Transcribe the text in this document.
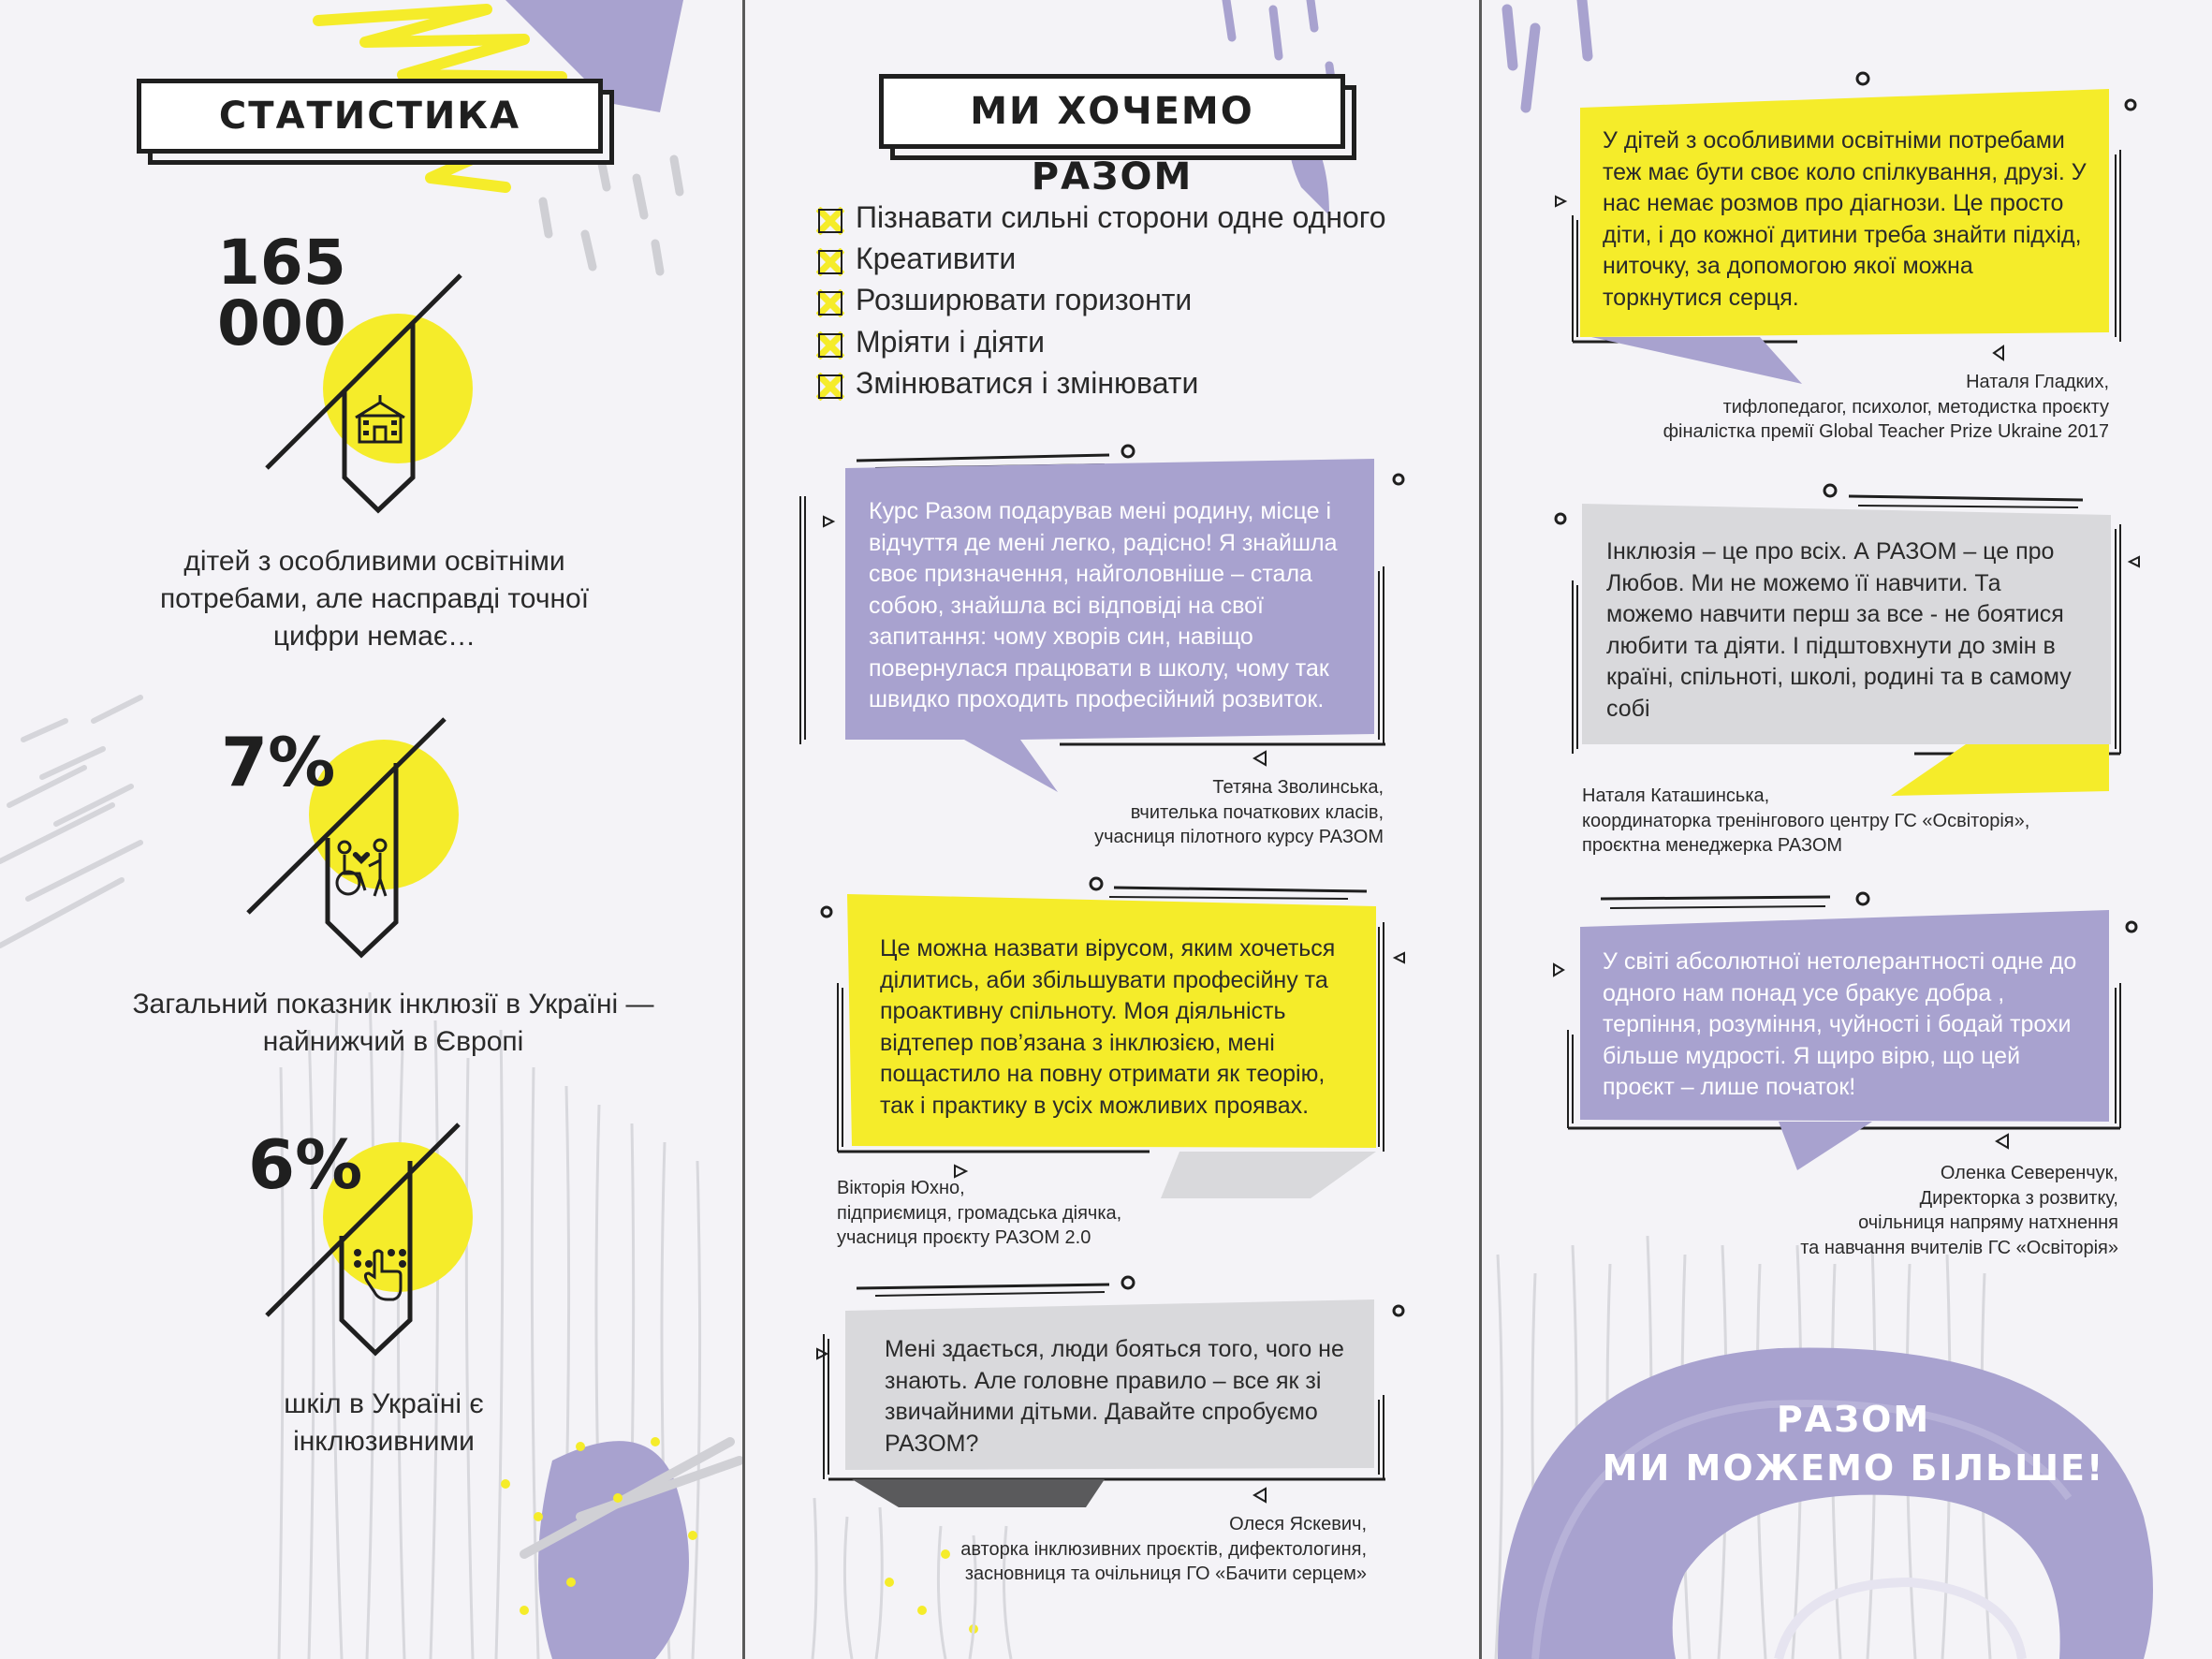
СТАТИСТИКА
165
000
дітей з особливими освітніми потребами, але насправді точної цифри немає…
7%
Загальний показник інклюзії в Україні — найнижчий в Європі
6%
шкіл в Україні є інклюзивними
МИ ХОЧЕМО РАЗОМ
Пізнавати сильні сторони одне одного
Креативити
Розширювати горизонти
Мріяти і діяти
Змінюватися і змінювати
Курс Разом подарував мені родину, місце і відчуття де мені легко, радісно! Я знайшла своє призначення, найголовніше – стала собою, знайшла всі відповіді на свої запитання: чому хворів син, навіщо повернулася працювати в школу, чому так швидко проходить професійний розвиток.
Тетяна Зволинська,
вчителька початкових класів,
учасниця пілотного курсу РАЗОМ
Це можна назвати вірусом, яким хочеться ділитись, аби збільшувати професійну та проактивну спільноту. Моя діяльність відтепер пов’язана з інклюзією, мені пощастило на повну отримати як теорію, так і практику в усіх можливих проявах.
Вікторія Юхно,
підприємиця, громадська діячка,
учасниця проєкту РАЗОМ 2.0
Мені здається, люди бояться того, чого не знають. Але головне правило – все як зі звичайними дітьми. Давайте спробуємо РАЗОМ?
Олеся Яскевич,
авторка інклюзивних проєктів, дифектологиня,
засновниця та очільниця ГО «Бачити серцем»
У дітей з особливими освітніми потребами теж має бути своє коло спілкування, друзі. У нас немає розмов про діагнози. Це просто діти, і до кожної дитини треба знайти підхід, ниточку, за допомогою якої можна торкнутися серця.
Наталя Гладких,
тифлопедагог, психолог, методистка проєкту
фіналістка премії Global Teacher Prize Ukraine 2017
Інклюзія – це про всіх. А РАЗОМ – це про Любов. Ми не можемо її навчити. Та можемо навчити перш за все - не боятися любити та діяти. І підштовхнути до змін в країні, спільноті, школі, родині та в самому собі
Наталя Каташинська,
координаторка тренінгового центру ГС «Освіторія»,
проєктна менеджерка РАЗОМ
У світі абсолютної нетолерантності одне до одного нам понад усе бракує добра , терпіння, розуміння, чуйності і бодай трохи більше мудрості. Я щиро вірю, що цей проєкт – лише початок!
Оленка Северенчук,
Директорка з розвитку,
очільниця напряму натхнення
та навчання вчителів ГС «Освіторія»
РАЗОМ
МИ МОЖЕМО БІЛЬШЕ!
